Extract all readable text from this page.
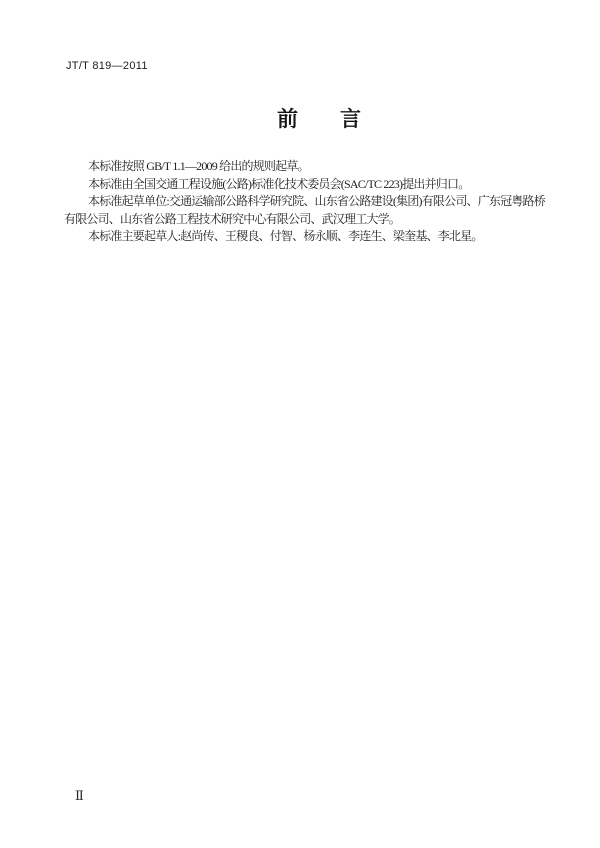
JT/T 819—2011
前　　言

本标准按照 GB/T 1.1—2009 给出的规则起草。

本标准由全国交通工程设施(公路)标准化技术委员会(SAC/TC 223)提出并归口。

本标准起草单位:交通运输部公路科学研究院、山东省公路建设(集团)有限公司、广东冠粤路桥有限公司、山东省公路工程技术研究中心有限公司、武汉理工大学。

本标准主要起草人:赵尚传、王稷良、付智、杨永顺、李连生、梁奎基、李北星。

Ⅱ
